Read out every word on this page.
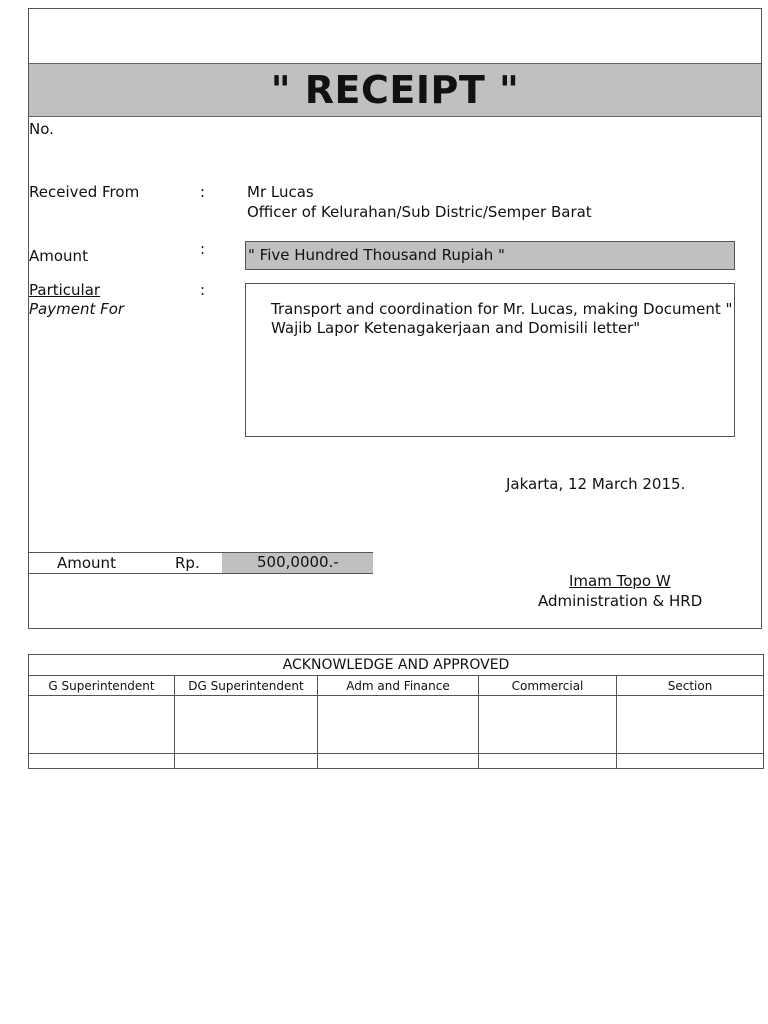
" RECEIPT "
No.
Received From	:	Mr Lucas
Officer of Kelurahan/Sub Distric/Semper Barat
Amount	:	" Five Hundred Thousand Rupiah "
Particular	:
Payment For	Transport and coordination for Mr. Lucas, making Document "
Wajib Lapor Ketenagakerjaan and Domisili letter"
Jakarta, 12 March 2015.
Amount	Rp.	500,0000.-
Imam Topo W
Administration & HRD
ACKNOWLEDGE AND APPROVED				
G Superintendent	DG Superintendent	Adm and Finance	Commercial	Section
